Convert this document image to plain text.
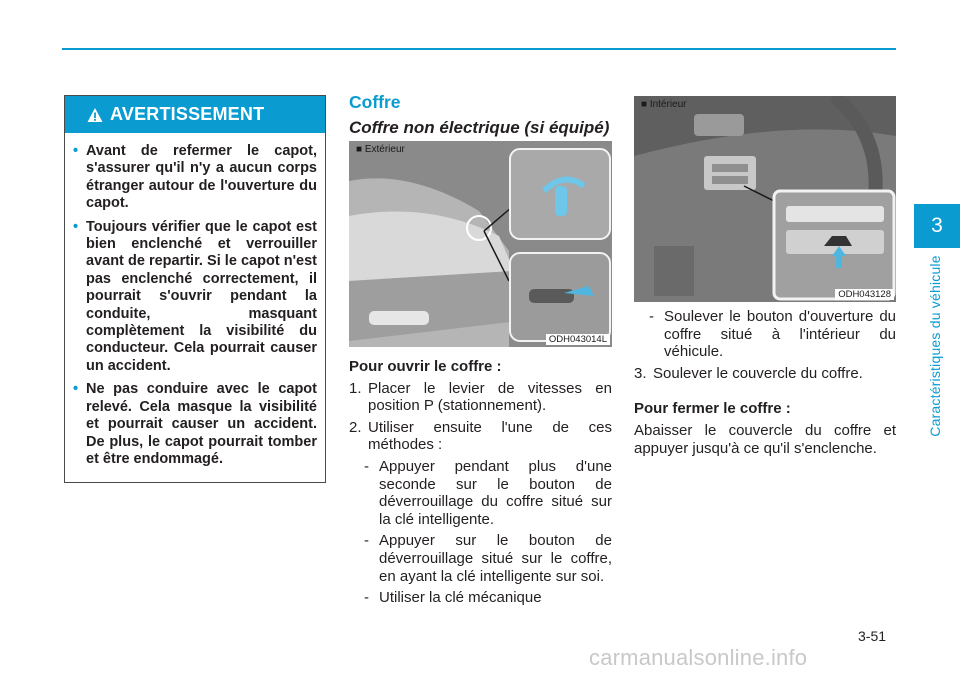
AVERTISSEMENT
• Avant de refermer le capot, s'assurer qu'il n'y a aucun corps étranger autour de l'ouverture du capot.
• Toujours vérifier que le capot est bien enclenché et verrouiller avant de repartir. Si le capot n'est pas enclenché correctement, il pourrait s'ouvrir pendant la conduite, masquant complètement la visibilité du conducteur. Cela pourrait causer un accident.
• Ne pas conduire avec le capot relevé. Cela masque la visibilité et pourrait causer un accident. De plus, le capot pourrait tomber et être endommagé.
Coffre
Coffre non électrique (si équipé)
■ Extérieur
ODH043014L
■ Intérieur
ODH043128

Pour ouvrir le coffre :

1. Placer le levier de vitesses en position P (stationnement).
2. Utiliser ensuite l'une de ces méthodes :
- Appuyer pendant plus d'une seconde sur le bouton de déverrouillage du coffre situé sur la clé intelligente.
- Appuyer sur le bouton de déverrouillage situé sur le coffre, en ayant la clé intelligente sur soi.
- Utiliser la clé mécanique
- Soulever le bouton d'ouverture du coffre situé à l'intérieur du véhicule.
3. Soulever le couvercle du coffre.

Pour fermer le coffre :

Abaisser le couvercle du coffre et appuyer jusqu'à ce qu'il s'enclenche.

3
Caractéristiques du véhicule
3-51
carmanualsonline.info
